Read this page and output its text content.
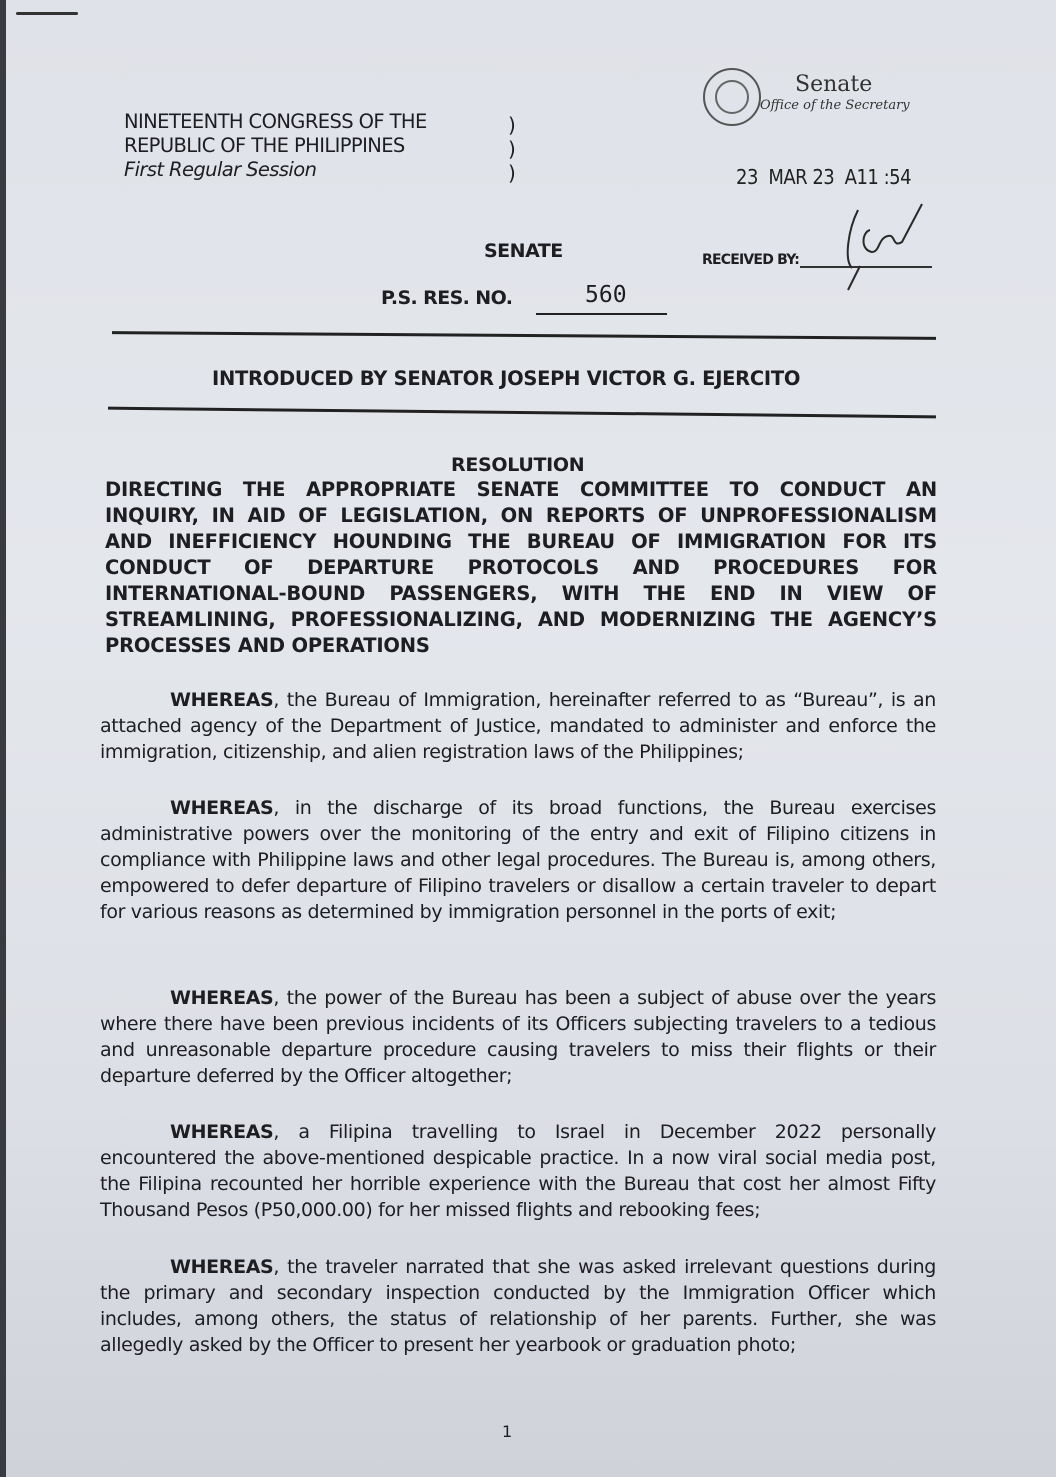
NINETEENTH CONGRESS OF THE
REPUBLIC OF THE PHILIPPINES
First Regular Session
)
)
)
Senate
Office of the Secretary
23  MAR 23  A11 :54
SENATE	RECEIVED BY:
P.S. RES. NO.	560
INTRODUCED BY SENATOR JOSEPH VICTOR G. EJERCITO
RESOLUTION
DIRECTING THE APPROPRIATE SENATE COMMITTEE TO CONDUCT AN INQUIRY, IN AID OF LEGISLATION, ON REPORTS OF UNPROFESSIONALISM AND INEFFICIENCY HOUNDING THE BUREAU OF IMMIGRATION FOR ITS CONDUCT OF DEPARTURE PROTOCOLS AND PROCEDURES FOR INTERNATIONAL-BOUND PASSENGERS, WITH THE END IN VIEW OF STREAMLINING, PROFESSIONALIZING, AND MODERNIZING THE AGENCY’S PROCESSES AND OPERATIONS
WHEREAS, the Bureau of Immigration, hereinafter referred to as “Bureau”, is an attached agency of the Department of Justice, mandated to administer and enforce the immigration, citizenship, and alien registration laws of the Philippines;
WHEREAS, in the discharge of its broad functions, the Bureau exercises administrative powers over the monitoring of the entry and exit of Filipino citizens in compliance with Philippine laws and other legal procedures. The Bureau is, among others, empowered to defer departure of Filipino travelers or disallow a certain traveler to depart for various reasons as determined by immigration personnel in the ports of exit;
WHEREAS, the power of the Bureau has been a subject of abuse over the years where there have been previous incidents of its Officers subjecting travelers to a tedious and unreasonable departure procedure causing travelers to miss their flights or their departure deferred by the Officer altogether;
WHEREAS, a Filipina travelling to Israel in December 2022 personally encountered the above-mentioned despicable practice. In a now viral social media post, the Filipina recounted her horrible experience with the Bureau that cost her almost Fifty Thousand Pesos (P50,000.00) for her missed flights and rebooking fees;
WHEREAS, the traveler narrated that she was asked irrelevant questions during the primary and secondary inspection conducted by the Immigration Officer which includes, among others, the status of relationship of her parents. Further, she was allegedly asked by the Officer to present her yearbook or graduation photo;
1
